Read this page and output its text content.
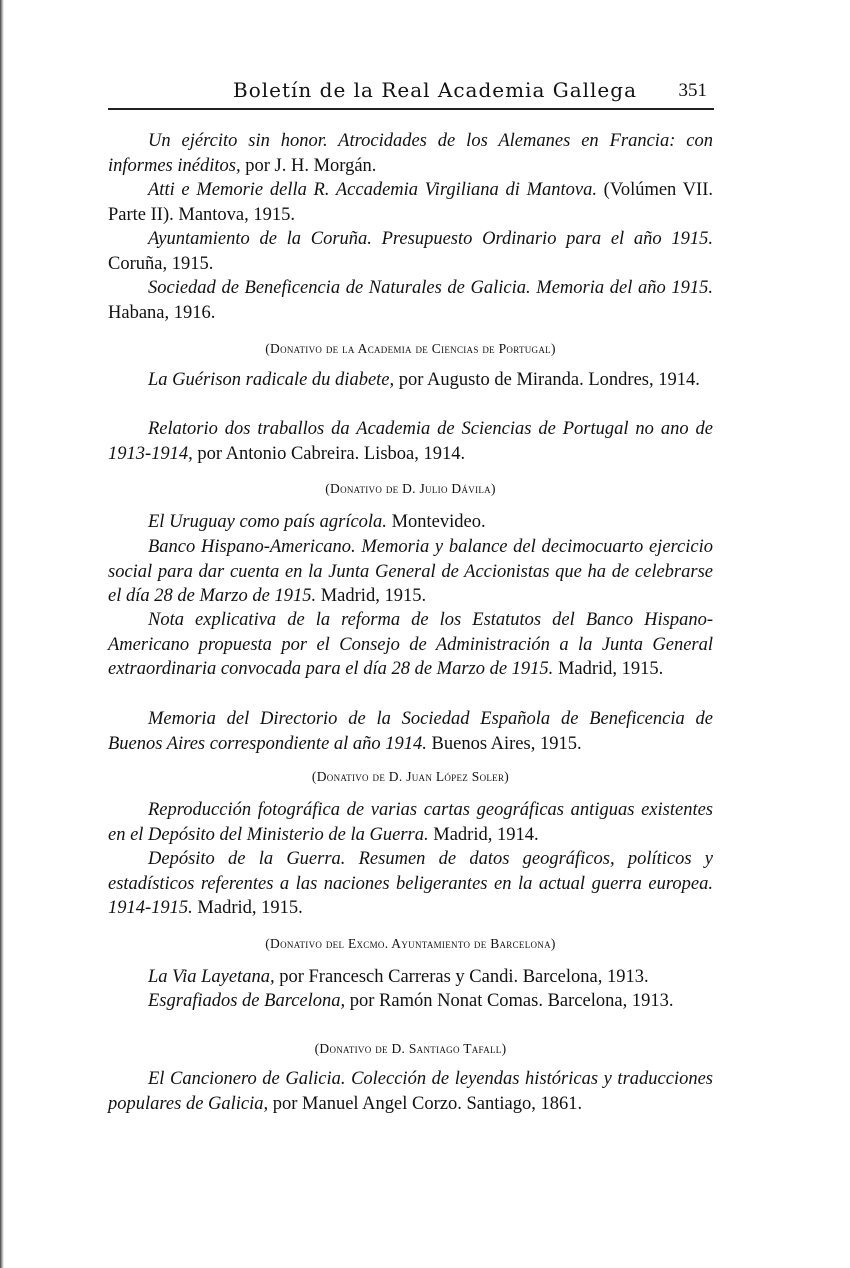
Boletín de la Real Academia Gallega 351
Un ejército sin honor. Atrocidades de los Alemanes en Francia: con informes inéditos, por J. H. Morgán.
Atti e Memorie della R. Accademia Virgiliana di Mantova. (Volúmen VII. Parte II). Mantova, 1915.
Ayuntamiento de la Coruña. Presupuesto Ordinario para el año 1915. Coruña, 1915.
Sociedad de Beneficencia de Naturales de Galicia. Memoria del año 1915. Habana, 1916.
(Donativo de la Academia de Ciencias de Portugal)
La Guérison radicale du diabete, por Augusto de Miranda. Londres, 1914.
Relatorio dos traballos da Academia de Sciencias de Portugal no ano de 1913-1914, por Antonio Cabreira. Lisboa, 1914.
(Donativo de D. Julio Dávila)
El Uruguay como país agrícola. Montevideo.
Banco Hispano-Americano. Memoria y balance del decimocuarto ejercicio social para dar cuenta en la Junta General de Accionistas que ha de celebrarse el día 28 de Marzo de 1915. Madrid, 1915.
Nota explicativa de la reforma de los Estatutos del Banco Hispano-Americano propuesta por el Consejo de Administración a la Junta General extraordinaria convocada para el día 28 de Marzo de 1915. Madrid, 1915.
Memoria del Directorio de la Sociedad Española de Beneficencia de Buenos Aires correspondiente al año 1914. Buenos Aires, 1915.
(Donativo de D. Juan López Soler)
Reproducción fotográfica de varias cartas geográficas antiguas existentes en el Depósito del Ministerio de la Guerra. Madrid, 1914.
Depósito de la Guerra. Resumen de datos geográficos, políticos y estadísticos referentes a las naciones beligerantes en la actual guerra europea. 1914-1915. Madrid, 1915.
(Donativo del Excmo. Ayuntamiento de Barcelona)
La Via Layetana, por Francesch Carreras y Candi. Barcelona, 1913.
Esgrafiados de Barcelona, por Ramón Nonat Comas. Barcelona, 1913.
(Donativo de D. Santiago Tafall)
El Cancionero de Galicia. Colección de leyendas históricas y traducciones populares de Galicia, por Manuel Angel Corzo. Santiago, 1861.
